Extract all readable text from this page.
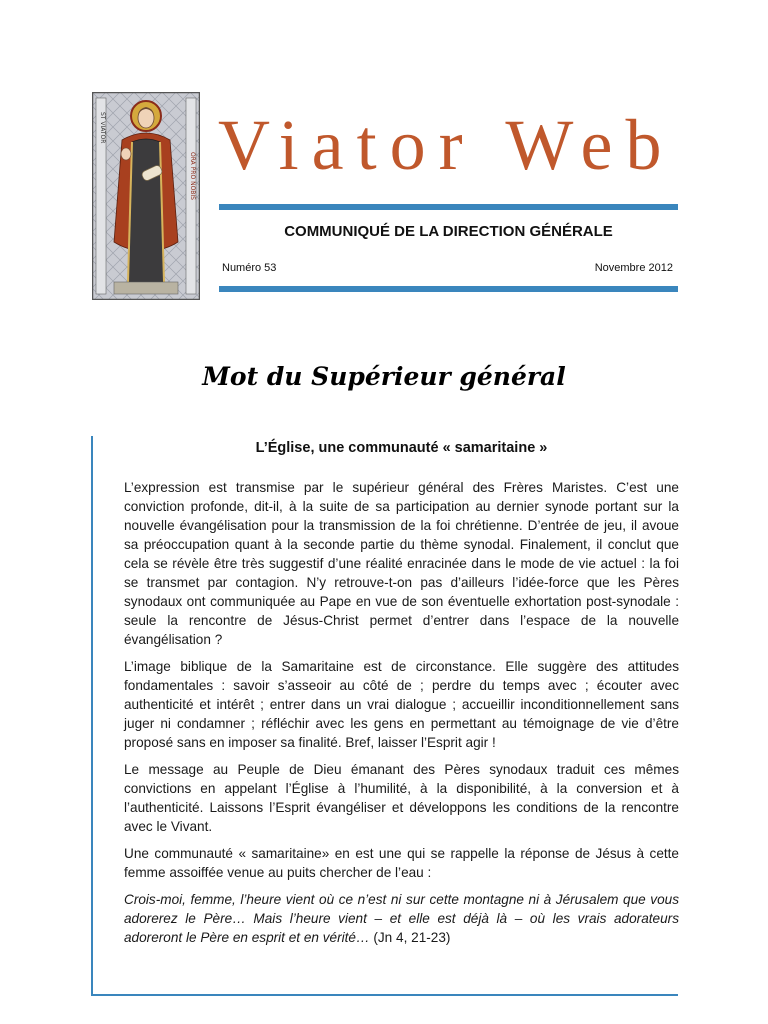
ST VIATOR
ORA PRO NOBIS Viator Web
COMMUNIQUÉ DE LA DIRECTION GÉNÉRALE
Numéro 53	Novembre 2012
Mot du Supérieur général
L’Église, une communauté « samaritaine »

L’expression est transmise par le supérieur général des Frères Maristes. C’est une conviction profonde, dit-il, à la suite de sa participation au dernier synode portant sur la nouvelle évangélisation pour la transmission de la foi chrétienne. D’entrée de jeu, il avoue sa préoccupation quant à la seconde partie du thème synodal. Finalement, il conclut que cela se révèle être très suggestif d’une réalité enracinée dans le mode de vie actuel : la foi se transmet par contagion. N’y retrouve-t-on pas d’ailleurs l’idée-force que les Pères synodaux ont communiquée au Pape en vue de son éventuelle exhortation post-synodale : seule la rencontre de Jésus-Christ permet d’entrer dans l’espace de la nouvelle évangélisation ?

L’image biblique de la Samaritaine est de circonstance. Elle suggère des attitudes fondamentales : savoir s’asseoir au côté de ; perdre du temps avec ; écouter avec authenticité et intérêt ; entrer dans un vrai dialogue ; accueillir inconditionnellement sans juger ni condamner ; réfléchir avec les gens en permettant au témoignage de vie d’être proposé sans en imposer sa finalité. Bref, laisser l’Esprit agir !

Le message au Peuple de Dieu émanant des Pères synodaux traduit ces mêmes convictions en appelant l’Église à l’humilité, à la disponibilité, à la conversion et à l’authenticité. Laissons l’Esprit évangéliser et développons les conditions de la rencontre avec le Vivant.

Une communauté « samaritaine» en est une qui se rappelle la réponse de Jésus à cette femme assoiffée venue au puits chercher de l’eau :

Crois-moi, femme, l’heure vient où ce n’est ni sur cette montagne ni à Jérusalem que vous adorerez le Père… Mais l’heure vient – et elle est déjà là – où les vrais adorateurs adoreront le Père en esprit et en vérité… (Jn 4, 21-23)
